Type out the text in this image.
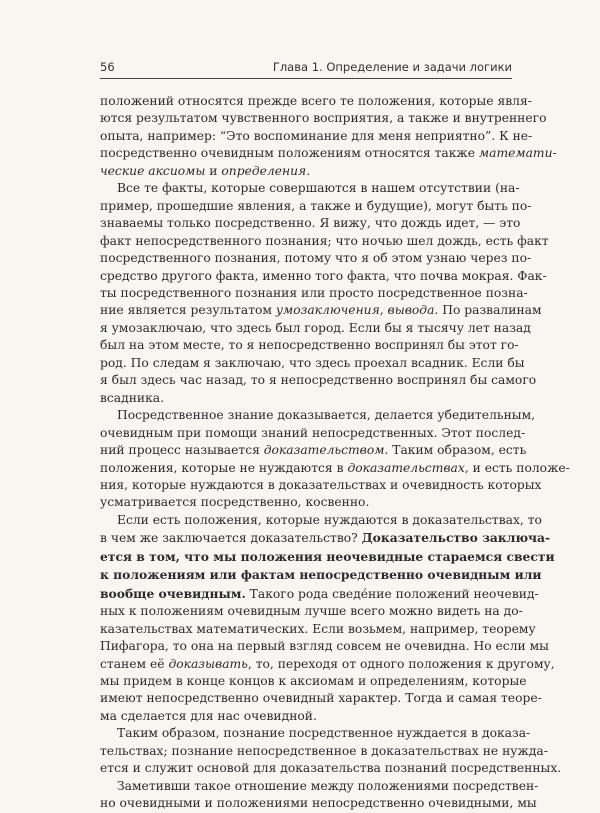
56	Глава 1. Определение и задачи логики
положений относятся прежде всего те положения, которые явля-
ются результатом чувственного восприятия, а также и внутреннего
опыта, например: “Это воспоминание для меня неприятно”. К не-
посредственно очевидным положениям относятся также математи-
ческие аксиомы и определения.
Все те факты, которые совершаются в нашем отсутствии (на-
пример, прошедшие явления, а также и будущие), могут быть по-
знаваемы только посредственно. Я вижу, что дождь идет, — это
факт непосредственного познания; что ночью шел дождь, есть факт
посредственного познания, потому что я об этом узнаю через по-
средство другого факта, именно того факта, что почва мокрая. Фак-
ты посредственного познания или просто посредственное позна-
ние является результатом умозаключения, вывода. По развалинам
я умозаключаю, что здесь был город. Если бы я тысячу лет назад
был на этом месте, то я непосредственно воспринял бы этот го-
род. По следам я заключаю, что здесь проехал всадник. Если бы
я был здесь час назад, то я непосредственно воспринял бы самого
всадника.
Посредственное знание доказывается, делается убедительным,
очевидным при помощи знаний непосредственных. Этот послед-
ний процесс называется доказательством. Таким образом, есть
положения, которые не нуждаются в доказательствах, и есть положе-
ния, которые нуждаются в доказательствах и очевидность которых
усматривается посредственно, косвенно.
Если есть положения, которые нуждаются в доказательствах, то
в чем же заключается доказательство? Доказательство заключа-
ется в том, что мы положения неочевидные стараемся свести
к положениям или фактам непосредственно очевидным или
вообще очевидным. Такого рода сведе́ние положений неочевид-
ных к положениям очевидным лучше всего можно видеть на до-
казательствах математических. Если возьмем, например, теорему
Пифагора, то она на первый взгляд совсем не очевидна. Но если мы
станем её доказывать, то, переходя от одного положения к другому,
мы придем в конце концов к аксиомам и определениям, которые
имеют непосредственно очевидный характер. Тогда и самая теоре-
ма сделается для нас очевидной.
Таким образом, познание посредственное нуждается в доказа-
тельствах; познание непосредственное в доказательствах не нужда-
ется и служит основой для доказательства познаний посредственных.
Заметивши такое отношение между положениями посредствен-
но очевидными и положениями непосредственно очевидными, мы
